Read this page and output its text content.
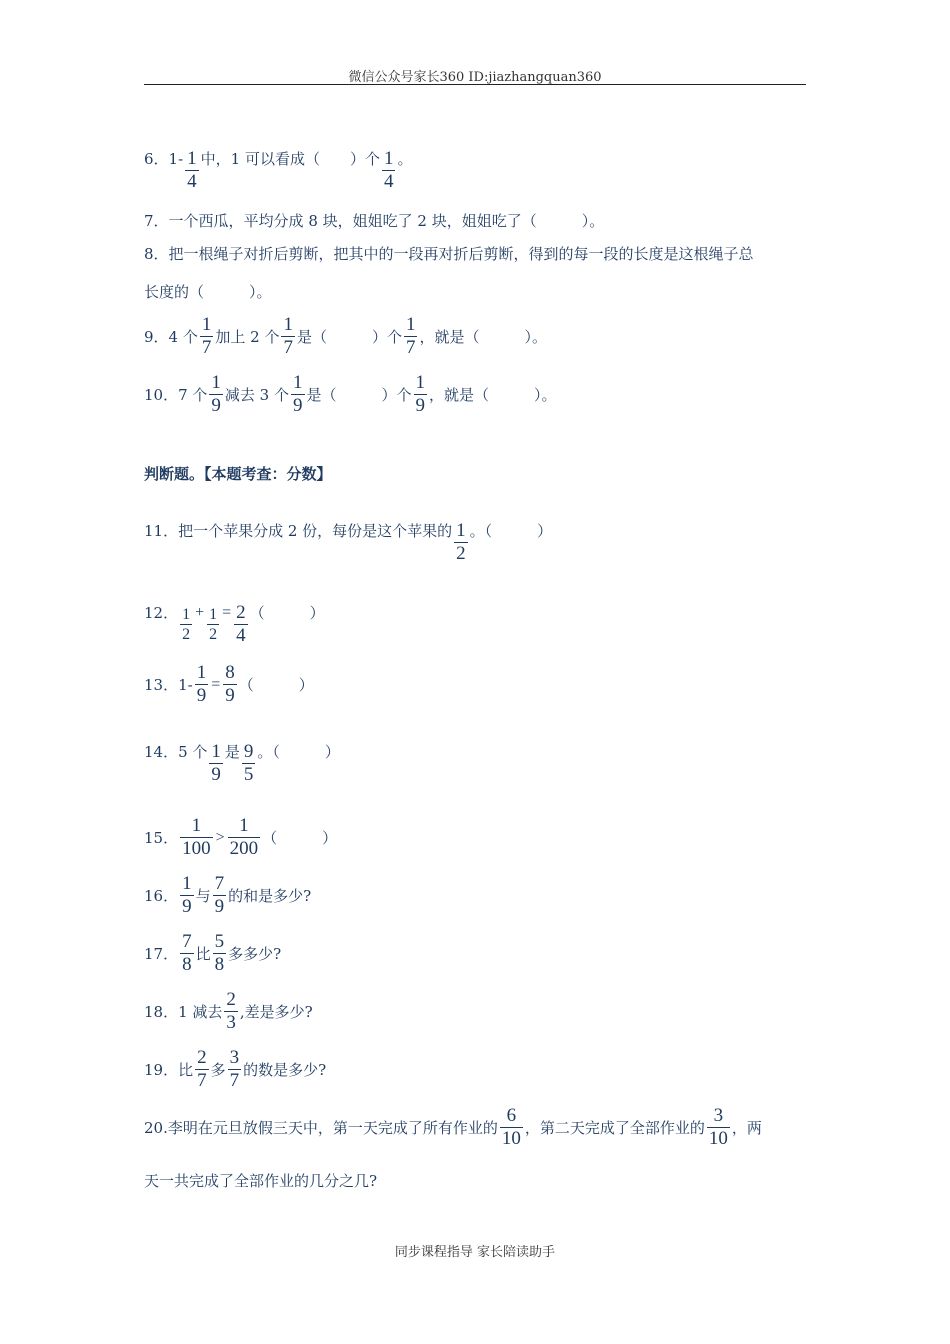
微信公众号家长360 ID:jiazhangquan360
6．$1- \frac{1}{4}$ 中，1 可以看成（ ）个 $\frac{1}{4}$ 。
7．一个西瓜，平均分成 8 块，姐姐吃了 2 块，姐姐吃了（　　　）。
8．把一根绳子对折后剪断，把其中的一段再对折后剪断，得到的每一段的长度是这根绳子总
长度的（　　　）。
9．4 个 $\frac{1}{7}$ 加上 2 个 $\frac{1}{7}$ 是（　　　）个 $\frac{1}{7}$ ，就是（　　　）。
10．7 个 $\frac{1}{9}$ 减去 3 个 $\frac{1}{9}$ 是（　　　）个 $\frac{1}{9}$ ，就是（　　　）。
判断题。【本题考查：分数】
11．把一个苹果分成 2 份，每份是这个苹果的 $\frac{1}{2}$ 。（　　　）
12． $\frac{1}{2} + \frac{1}{2} = \frac{2}{4}$ （　　　）
13．$1- \frac{1}{9} = \frac{8}{9}$ （　　　）
14．5 个 $\frac{1}{9}$ 是 $\frac{9}{5}$ 。（　　　）
15． $\frac{1}{100} > \frac{1}{200}$ （　　　）
16． $\frac{1}{9}$ 与 $\frac{7}{9}$ 的和是多少?
17． $\frac{7}{8}$ 比 $\frac{5}{8}$ 多多少?
18．1 减去 $\frac{2}{3}$ ,差是多少?
19．比 $\frac{2}{7}$ 多 $\frac{3}{7}$ 的数是多少?
20.李明在元旦放假三天中，第一天完成了所有作业的 $\frac{6}{10}$ ，第二天完成了全部作业的 $\frac{3}{10}$ ，两
天一共完成了全部作业的几分之几?
同步课程指导 家长陪读助手
